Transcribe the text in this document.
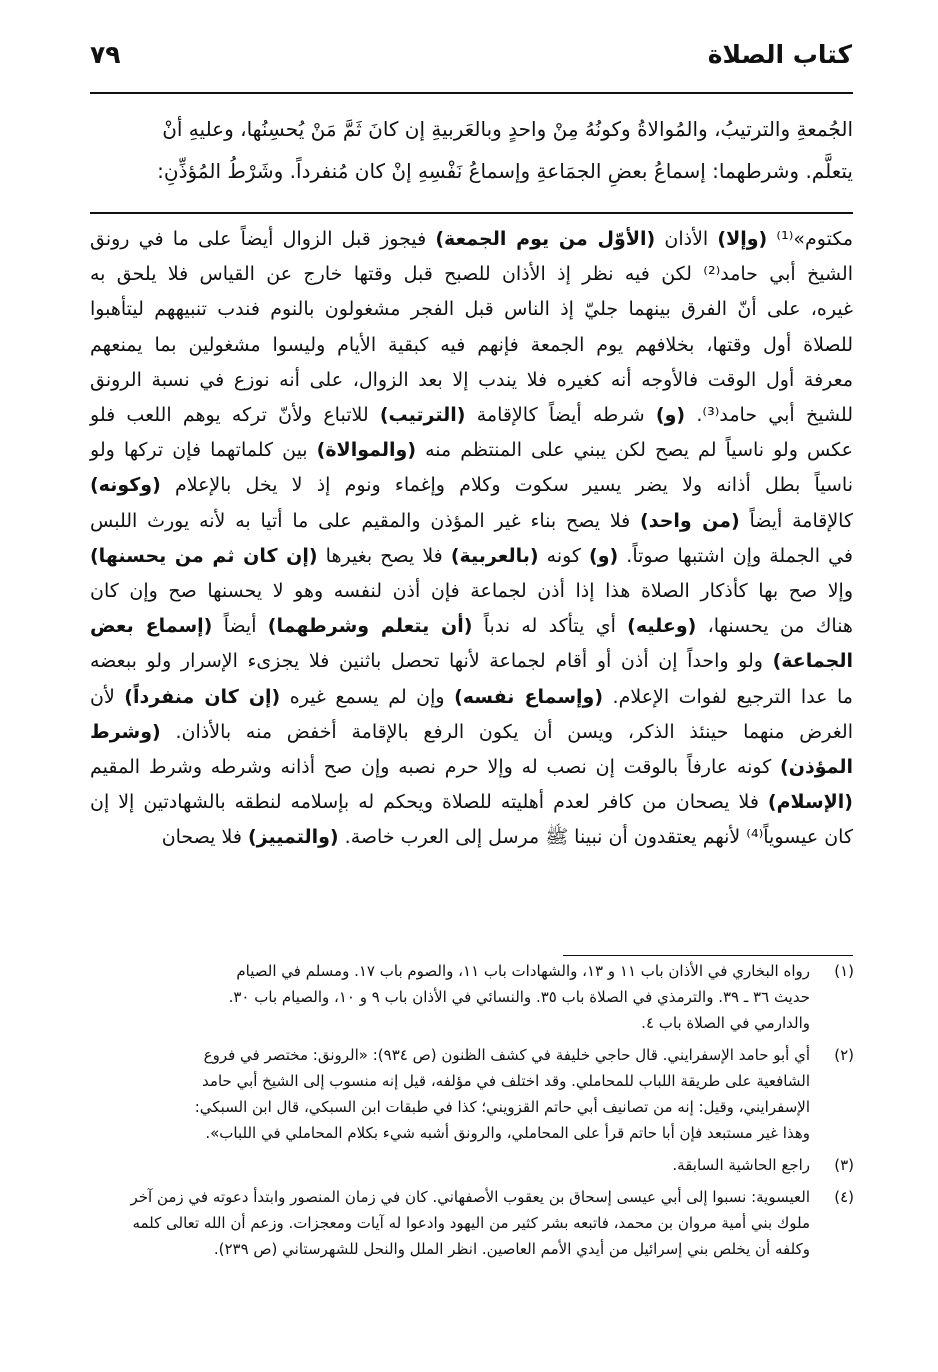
كتاب الصلاة
٧٩

الجُمعةِ والترتيبُ، والمُوالاةُ وكونُهُ مِنْ واحدٍ وبالعَربيةِ إن كانَ ثَمَّ مَنْ يُحسِنُها، وعليهِ أنْ

يتعلَّم. وشرطهما: إسماعُ بعضِ الجمَاعةِ وإسماعُ نَفْسِهِ إنْ كان مُنفرداً. وشَرْطُ المُؤذِّنِ:

مكتوم»⁽¹⁾ (وإلا) الأذان (الأوّل من يوم الجمعة) فيجوز قبل الزوال أيضاً على ما في رونق

الشيخ أبي حامد⁽²⁾ لكن فيه نظر إذ الأذان للصبح قبل وقتها خارج عن القياس فلا يلحق به

غيره، على أنّ الفرق بينهما جليّ إذ الناس قبل الفجر مشغولون بالنوم فندب تنبيههم ليتأهبوا

للصلاة أول وقتها، بخلافهم يوم الجمعة فإنهم فيه كبقية الأيام وليسوا مشغولين بما يمنعهم

معرفة أول الوقت فالأوجه أنه كغيره فلا يندب إلا بعد الزوال، على أنه نوزع في نسبة الرونق

للشيخ أبي حامد⁽³⁾. (و) شرطه أيضاً كالإقامة (الترتيب) للاتباع ولأنّ تركه يوهم اللعب فلو

عكس ولو ناسياً لم يصح لكن يبني على المنتظم منه (والموالاة) بين كلماتهما فإن تركها ولو

ناسياً بطل أذانه ولا يضر يسير سكوت وكلام وإغماء ونوم إذ لا يخل بالإعلام (وكونه)

كالإقامة أيضاً (من واحد) فلا يصح بناء غير المؤذن والمقيم على ما أتيا به لأنه يورث اللبس

في الجملة وإن اشتبها صوتاً. (و) كونه (بالعربية) فلا يصح بغيرها (إن كان ثم من يحسنها)

وإلا صح بها كأذكار الصلاة هذا إذا أذن لجماعة فإن أذن لنفسه وهو لا يحسنها صح وإن كان

هناك من يحسنها، (وعليه) أي يتأكد له ندباً (أن يتعلم وشرطهما) أيضاً (إسماع بعض

الجماعة) ولو واحداً إن أذن أو أقام لجماعة لأنها تحصل باثنين فلا يجزىء الإسرار ولو ببعضه

ما عدا الترجيع لفوات الإعلام. (وإسماع نفسه) وإن لم يسمع غيره (إن كان منفرداً) لأن

الغرض منهما حينئذ الذكر، ويسن أن يكون الرفع بالإقامة أخفض منه بالأذان. (وشرط

المؤذن) كونه عارفاً بالوقت إن نصب له وإلا حرم نصبه وإن صح أذانه وشرطه وشرط المقيم

(الإسلام) فلا يصحان من كافر لعدم أهليته للصلاة ويحكم له بإسلامه لنطقه بالشهادتين إلا إن

كان عيسوياً⁽⁴⁾ لأنهم يعتقدون أن نبينا ﷺ مرسل إلى العرب خاصة. (والتمييز) فلا يصحان

(١)

رواه البخاري في الأذان باب ١١ و ١٣، والشهادات باب ١١، والصوم باب ١٧. ومسلم في الصيام

حديث ٣٦ ـ ٣٩. والترمذي في الصلاة باب ٣٥. والنسائي في الأذان باب ٩ و ١٠، والصيام باب ٣٠.

والدارمي في الصلاة باب ٤.

(٢)

أي أبو حامد الإسفرايني. قال حاجي خليفة في كشف الظنون (ص ٩٣٤): «الرونق: مختصر في فروع

الشافعية على طريقة اللباب للمحاملي. وقد اختلف في مؤلفه، قيل إنه منسوب إلى الشيخ أبي حامد

الإسفرايني، وقيل: إنه من تصانيف أبي حاتم القزويني؛ كذا في طبقات ابن السبكي، قال ابن السبكي:

وهذا غير مستبعد فإن أبا حاتم قرأ على المحاملي، والرونق أشبه شيء بكلام المحاملي في اللباب».

(٣)

راجع الحاشية السابقة.

(٤)

العيسوية: نسبوا إلى أبي عيسى إسحاق بن يعقوب الأصفهاني. كان في زمان المنصور وابتدأ دعوته في زمن آخر

ملوك بني أمية مروان بن محمد، فاتبعه بشر كثير من اليهود وادعوا له آيات ومعجزات. وزعم أن الله تعالى كلمه

وكلفه أن يخلص بني إسرائيل من أيدي الأمم العاصين. انظر الملل والنحل للشهرستاني (ص ٢٣٩).
